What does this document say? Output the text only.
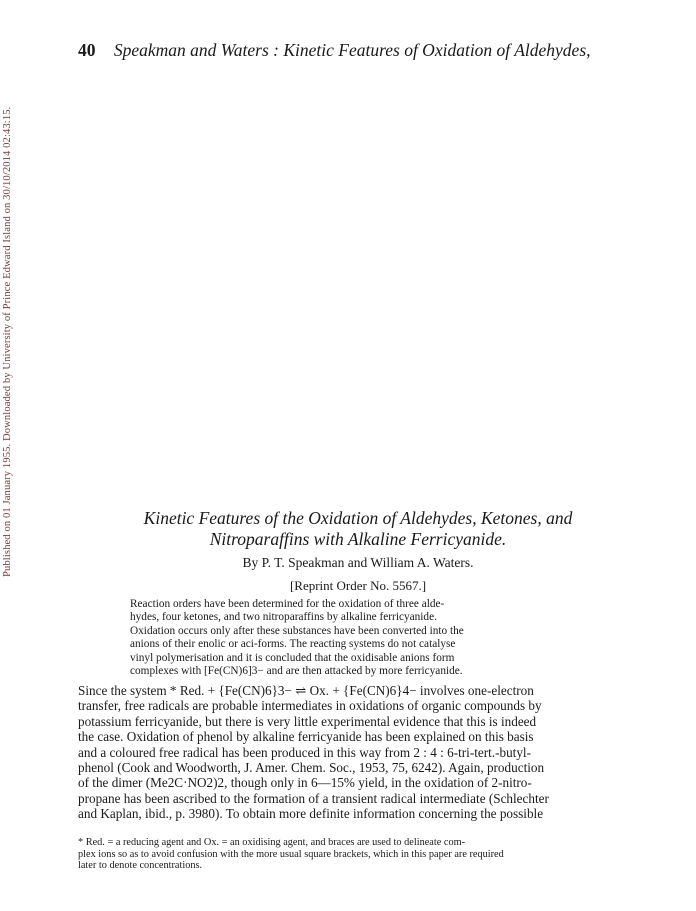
40 Speakman and Waters : Kinetic Features of Oxidation of Aldehydes,
Published on 01 January 1955. Downloaded by University of Prince Edward Island on 30/10/2014 02:43:15.	Kinetic Features of the Oxidation of Aldehydes, Ketones, and
Nitroparaffins with Alkaline Ferricyanide.
By P. T. Speakman and William A. Waters.
[Reprint Order No. 5567.]
Reaction orders have been determined for the oxidation of three alde-
hydes, four ketones, and two nitroparaffins by alkaline ferricyanide.
Oxidation occurs only after these substances have been converted into the
anions of their enolic or aci-forms. The reacting systems do not catalyse
vinyl polymerisation and it is concluded that the oxidisable anions form
complexes with [Fe(CN)6]3− and are then attacked by more ferricyanide.
Since the system * Red. + {Fe(CN)6}3− ⇌ Ox. + {Fe(CN)6}4− involves one-electron
transfer, free radicals are probable intermediates in oxidations of organic compounds by
potassium ferricyanide, but there is very little experimental evidence that this is indeed
the case. Oxidation of phenol by alkaline ferricyanide has been explained on this basis
and a coloured free radical has been produced in this way from 2 : 4 : 6-tri-tert.-butyl-
phenol (Cook and Woodworth, J. Amer. Chem. Soc., 1953, 75, 6242). Again, production
of the dimer (Me2C·NO2)2, though only in 6—15% yield, in the oxidation of 2-nitro-
propane has been ascribed to the formation of a transient radical intermediate (Schlechter
and Kaplan, ibid., p. 3980). To obtain more definite information concerning the possible
* Red. = a reducing agent and Ox. = an oxidising agent, and braces are used to delineate com-
plex ions so as to avoid confusion with the more usual square brackets, which in this paper are required
later to denote concentrations.
